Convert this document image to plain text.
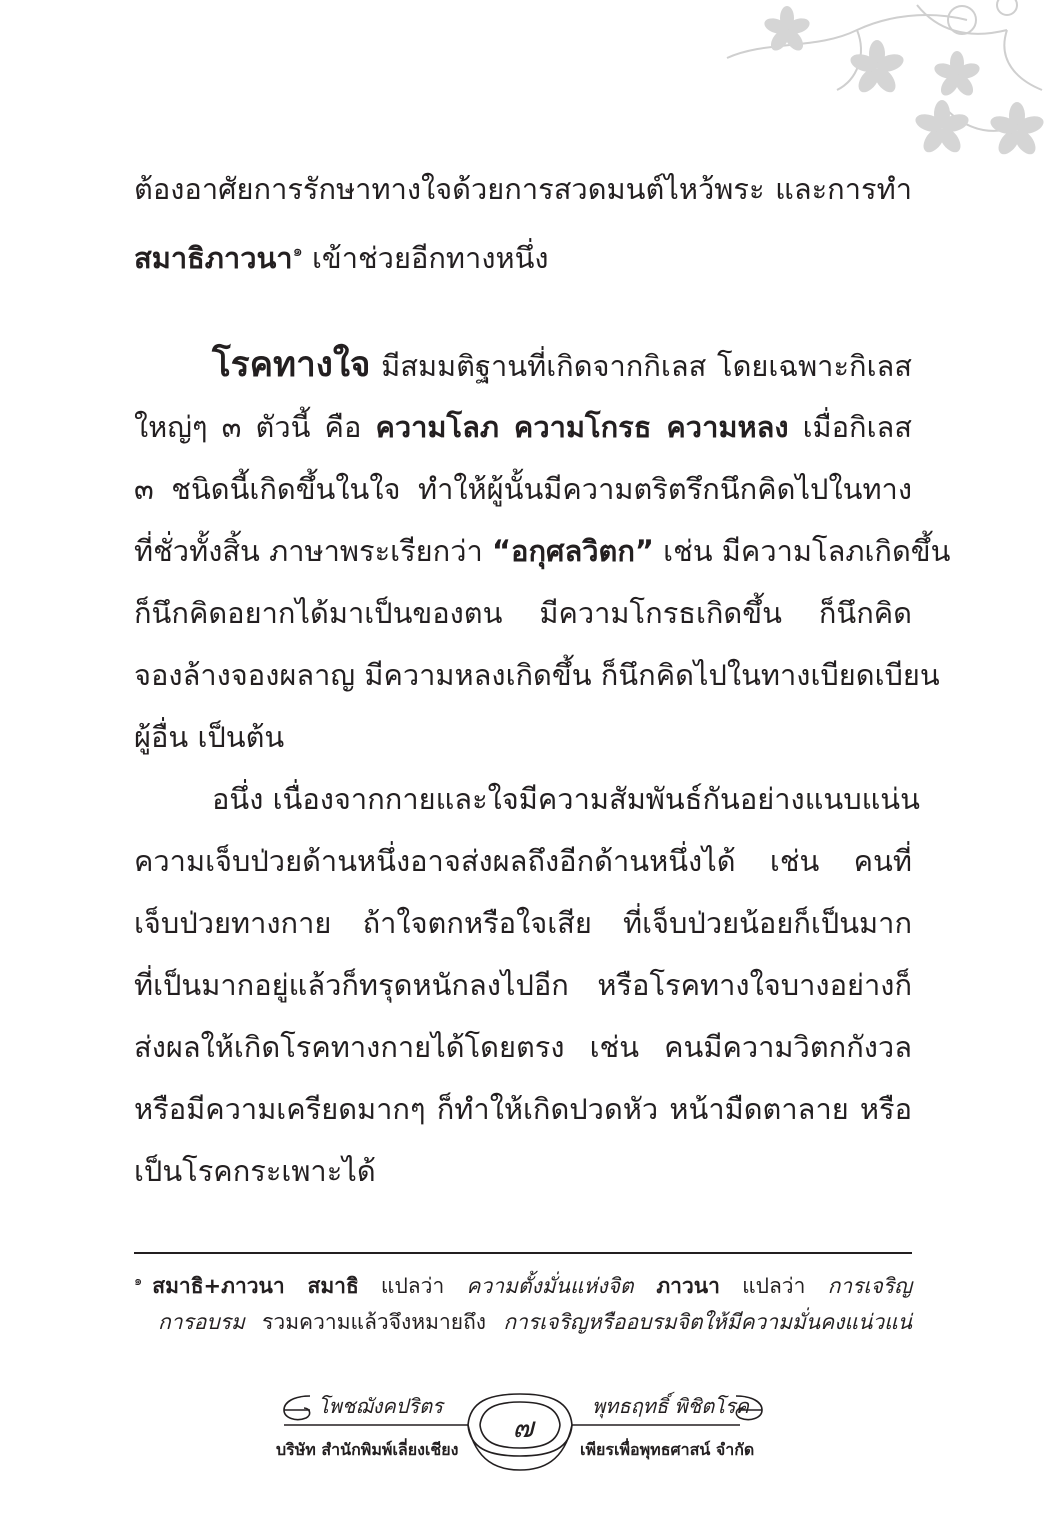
ต้องอาศัยการรักษาทางใจด้วยการสวดมนต์ไหว้พระ และการทำ
สมาธิภาวนา$^๑$ เข้าช่วยอีกทางหนึ่ง
โรคทางใจ มีสมมติฐานที่เกิดจากกิเลส โดยเฉพาะกิเลส
ใหญ่ๆ ๓ ตัวนี้ คือ ความโลภ ความโกรธ ความหลง เมื่อกิเลส
๓ ชนิดนี้เกิดขึ้นในใจ ทำให้ผู้นั้นมีความตริตรึกนึกคิดไปในทาง
ที่ชั่วทั้งสิ้น ภาษาพระเรียกว่า “อกุศลวิตก” เช่น มีความโลภเกิดขึ้น
ก็นึกคิดอยากได้มาเป็นของตน มีความโกรธเกิดขึ้น ก็นึกคิด
จองล้างจองผลาญ มีความหลงเกิดขึ้น ก็นึกคิดไปในทางเบียดเบียน
ผู้อื่น เป็นต้น
อนึ่ง เนื่องจากกายและใจมีความสัมพันธ์กันอย่างแนบแน่น
ความเจ็บป่วยด้านหนึ่งอาจส่งผลถึงอีกด้านหนึ่งได้ เช่น คนที่
เจ็บป่วยทางกาย ถ้าใจตกหรือใจเสีย ที่เจ็บป่วยน้อยก็เป็นมาก
ที่เป็นมากอยู่แล้วก็ทรุดหนักลงไปอีก หรือโรคทางใจบางอย่างก็
ส่งผลให้เกิดโรคทางกายได้โดยตรง เช่น คนมีความวิตกกังวล
หรือมีความเครียดมากๆ ก็ทำให้เกิดปวดหัว หน้ามืดตาลาย หรือ
เป็นโรคกระเพาะได้
$^๑$ สมาธิ+ภาวนา สมาธิ แปลว่า ความตั้งมั่นแห่งจิต ภาวนา แปลว่า การเจริญ
การอบรม รวมความแล้วจึงหมายถึง การเจริญหรืออบรมจิตให้มีความมั่นคงแน่วแน่
โพชฌังคปริตร	พุทธฤทธิ์ พิชิตโรค
๗
บริษัท สำนักพิมพ์เลี่ยงเชียง	เพียรเพื่อพุทธศาสน์ จำกัด
